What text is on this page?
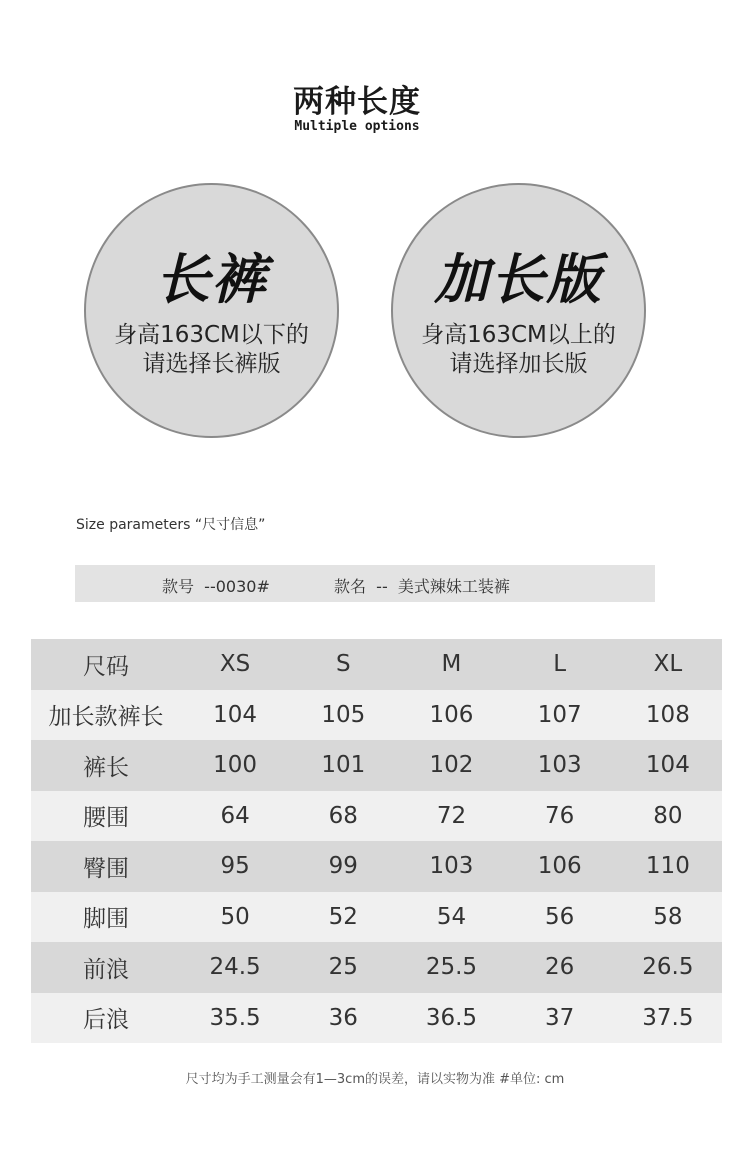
两种长度
Multiple options
长裤
身高163CM以下的
请选择长裤版
加长版
身高163CM以上的
请选择加长版
Size parameters “尺寸信息”
款号  --0030#	款名  --  美式辣妹工装裤
尺码	XS	S	M	L	XL
加长款裤长	104	105	106	107	108
裤长	100	101	102	103	104
腰围	64	68	72	76	80
臀围	95	99	103	106	110
脚围	50	52	54	56	58
前浪	24.5	25	25.5	26	26.5
后浪	35.5	36	36.5	37	37.5
尺寸均为手工测量会有1—3cm的误差，请以实物为准 #单位: cm
